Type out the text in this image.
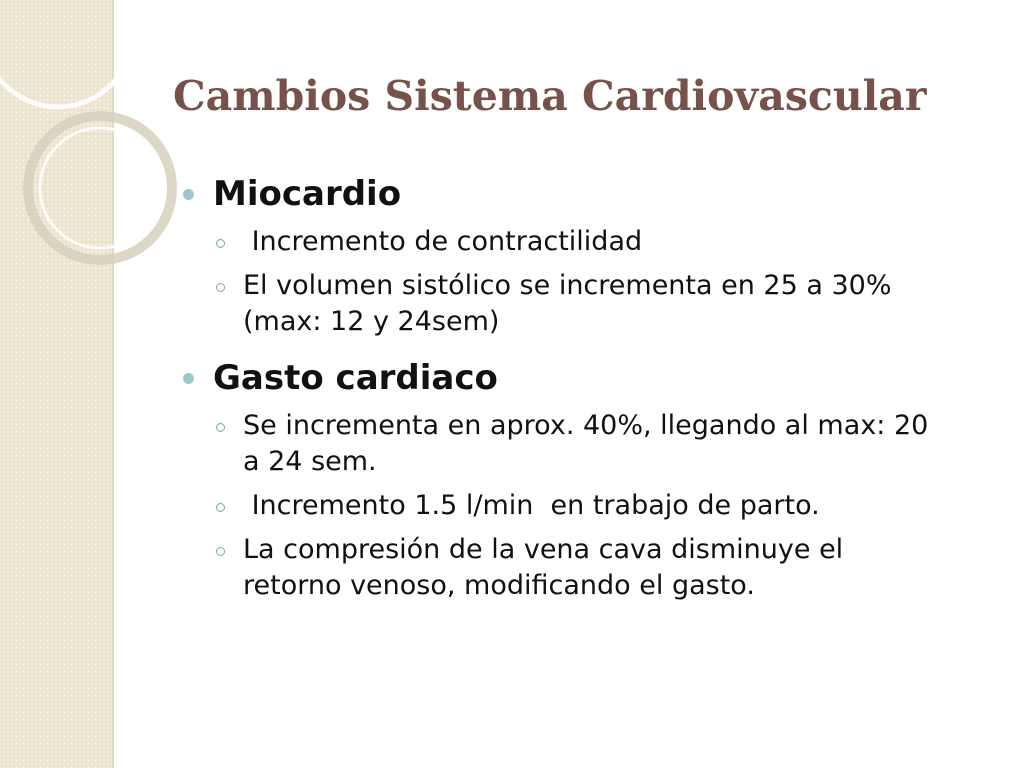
Cambios Sistema Cardiovascular
Miocardio
Incremento de contractilidad
El volumen sistólico se incrementa en 25 a 30% (max: 12 y 24sem)
Gasto cardiaco
Se incrementa en aprox. 40%, llegando al max: 20 a 24 sem.
Incremento 1.5 l/min  en trabajo de parto.
La compresión de la vena cava disminuye el retorno venoso, modificando el gasto.
